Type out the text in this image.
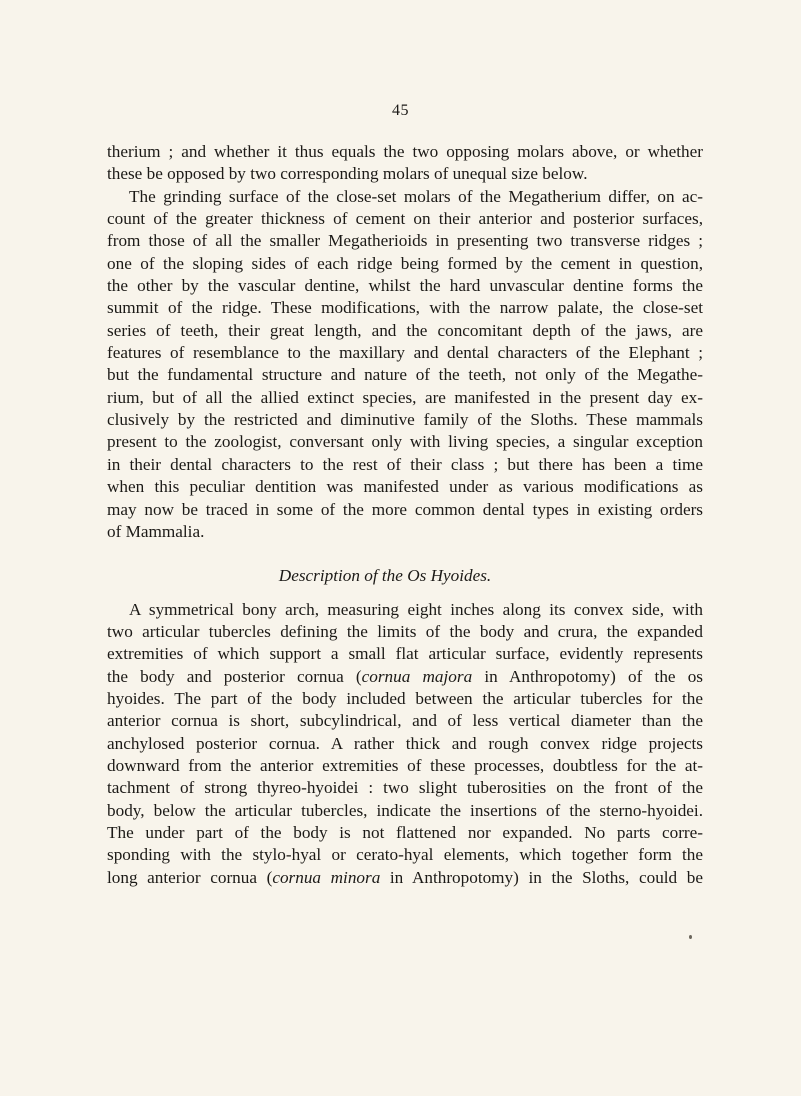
45
therium ; and whether it thus equals the two opposing molars above, or whether
these be opposed by two corresponding molars of unequal size below.
The grinding surface of the close-set molars of the Megatherium differ, on ac-
count of the greater thickness of cement on their anterior and posterior surfaces,
from those of all the smaller Megatherioids in presenting two transverse ridges ;
one of the sloping sides of each ridge being formed by the cement in question,
the other by the vascular dentine, whilst the hard unvascular dentine forms the
summit of the ridge. These modifications, with the narrow palate, the close-set
series of teeth, their great length, and the concomitant depth of the jaws, are
features of resemblance to the maxillary and dental characters of the Elephant ;
but the fundamental structure and nature of the teeth, not only of the Megathe-
rium, but of all the allied extinct species, are manifested in the present day ex-
clusively by the restricted and diminutive family of the Sloths. These mammals
present to the zoologist, conversant only with living species, a singular exception
in their dental characters to the rest of their class ; but there has been a time
when this peculiar dentition was manifested under as various modifications as
may now be traced in some of the more common dental types in existing orders
of Mammalia.
Description of the Os Hyoides.
A symmetrical bony arch, measuring eight inches along its convex side, with
two articular tubercles defining the limits of the body and crura, the expanded
extremities of which support a small flat articular surface, evidently represents
the body and posterior cornua (cornua majora in Anthropotomy) of the os
hyoides. The part of the body included between the articular tubercles for the
anterior cornua is short, subcylindrical, and of less vertical diameter than the
anchylosed posterior cornua. A rather thick and rough convex ridge projects
downward from the anterior extremities of these processes, doubtless for the at-
tachment of strong thyreo-hyoidei : two slight tuberosities on the front of the
body, below the articular tubercles, indicate the insertions of the sterno-hyoidei.
The under part of the body is not flattened nor expanded. No parts corre-
sponding with the stylo-hyal or cerato-hyal elements, which together form the
long anterior cornua (cornua minora in Anthropotomy) in the Sloths, could be
